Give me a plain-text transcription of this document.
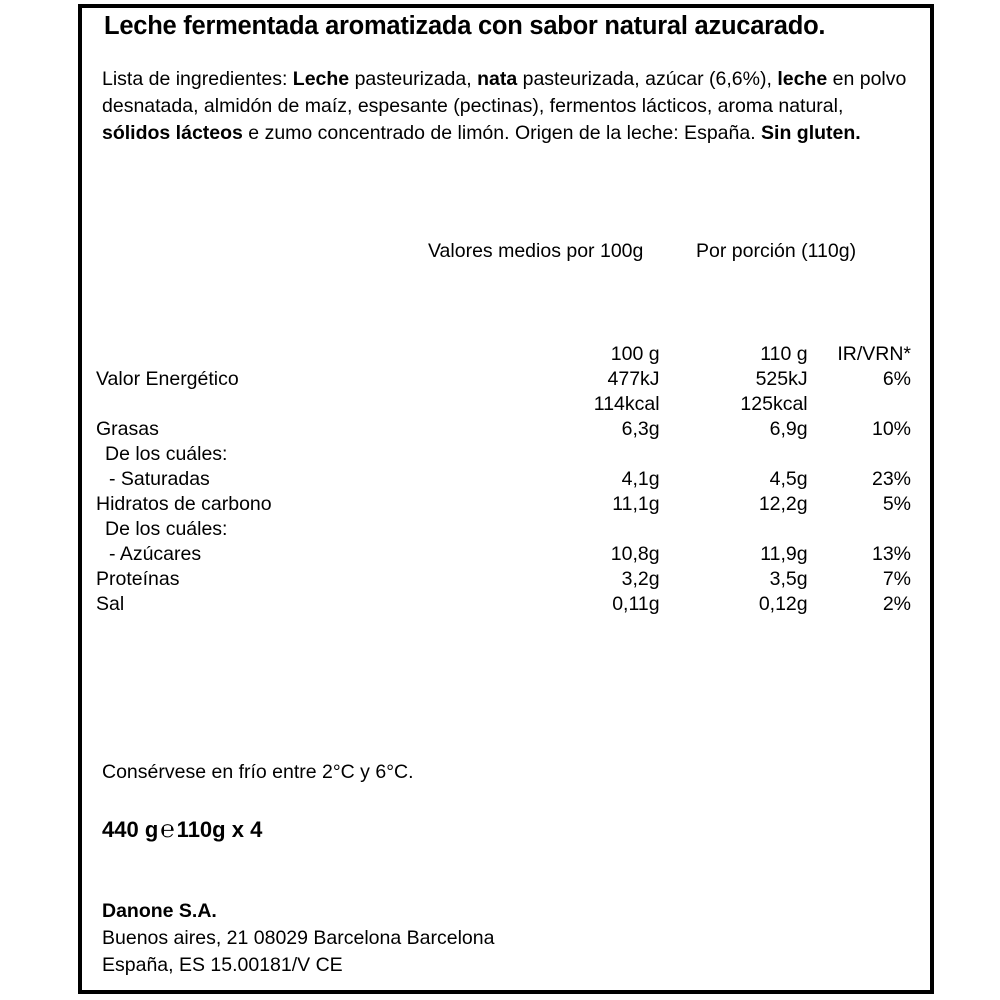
Leche fermentada aromatizada con sabor natural azucarado.
Lista de ingredientes: Leche pasteurizada, nata pasteurizada, azúcar (6,6%), leche en polvo desnatada, almidón de maíz, espesante (pectinas), fermentos lácticos, aroma natural, sólidos lácteos e zumo concentrado de limón. Origen de la leche: España. Sin gluten.
Valores medios por 100g	Por porción (110g)
	100 g	110 g	IR/VRN*
Valor Energético	477kJ	525kJ	6%
	114kcal	125kcal	
Grasas	6,3g	6,9g	10%
De los cuáles:			
- Saturadas	4,1g	4,5g	23%
Hidratos de carbono	11,1g	12,2g	5%
De los cuáles:			
- Azúcares	10,8g	11,9g	13%
Proteínas	3,2g	3,5g	7%
Sal	0,11g	0,12g	2%
Consérvese en frío entre 2°C y 6°C.
440 g℮110g x 4
Danone S.A.
Buenos aires, 21 08029 Barcelona Barcelona
España, ES 15.00181/V CE
